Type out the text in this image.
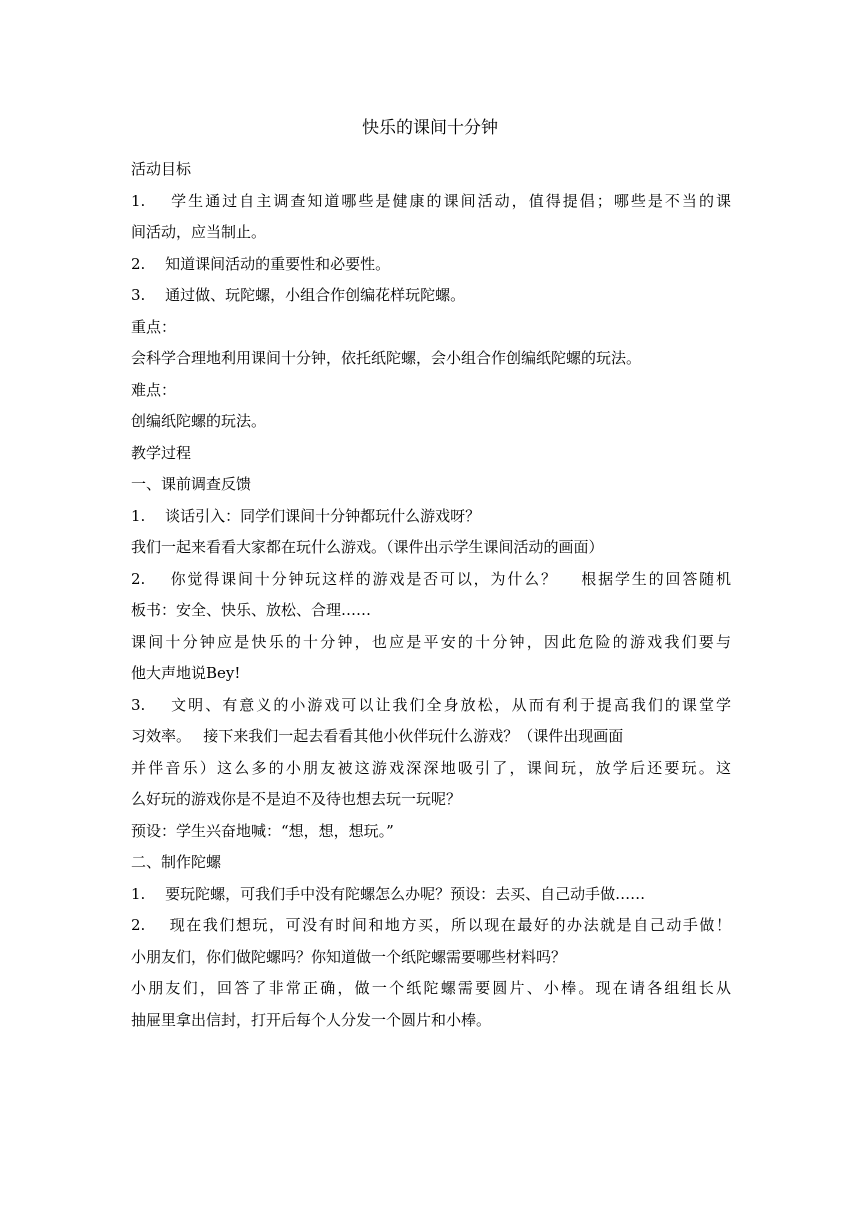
快乐的课间十分钟
活动目标
1.　 学生通过自主调查知道哪些是健康的课间活动，值得提倡；哪些是不当的课
间活动，应当制止。
2.　 知道课间活动的重要性和必要性。
3.　 通过做、玩陀螺，小组合作创编花样玩陀螺。
重点：
会科学合理地利用课间十分钟，依托纸陀螺，会小组合作创编纸陀螺的玩法。
难点：
创编纸陀螺的玩法。
教学过程
一、课前调查反馈
1.　 谈话引入：同学们课间十分钟都玩什么游戏呀？
我们一起来看看大家都在玩什么游戏。（课件出示学生课间活动的画面）
2.　 你觉得课间十分钟玩这样的游戏是否可以，为什么？　 根据学生的回答随机
板书：安全、快乐、放松、合理……
课间十分钟应是快乐的十分钟，也应是平安的十分钟，因此危险的游戏我们要与
他大声地说Bey!
3.　 文明、有意义的小游戏可以让我们全身放松，从而有利于提高我们的课堂学
习效率。　 接下来我们一起去看看其他小伙伴玩什么游戏？（课件出现画面
并伴音乐）这么多的小朋友被这游戏深深地吸引了，课间玩，放学后还要玩。这
么好玩的游戏你是不是迫不及待也想去玩一玩呢？
预设：学生兴奋地喊：“想，想，想玩。”
二、制作陀螺
1.　 要玩陀螺，可我们手中没有陀螺怎么办呢？预设：去买、自己动手做……
2.　 现在我们想玩，可没有时间和地方买，所以现在最好的办法就是自己动手做！
小朋友们，你们做陀螺吗？你知道做一个纸陀螺需要哪些材料吗？
小朋友们，回答了非常正确，做一个纸陀螺需要圆片、小棒。现在请各组组长从
抽屉里拿出信封，打开后每个人分发一个圆片和小棒。
